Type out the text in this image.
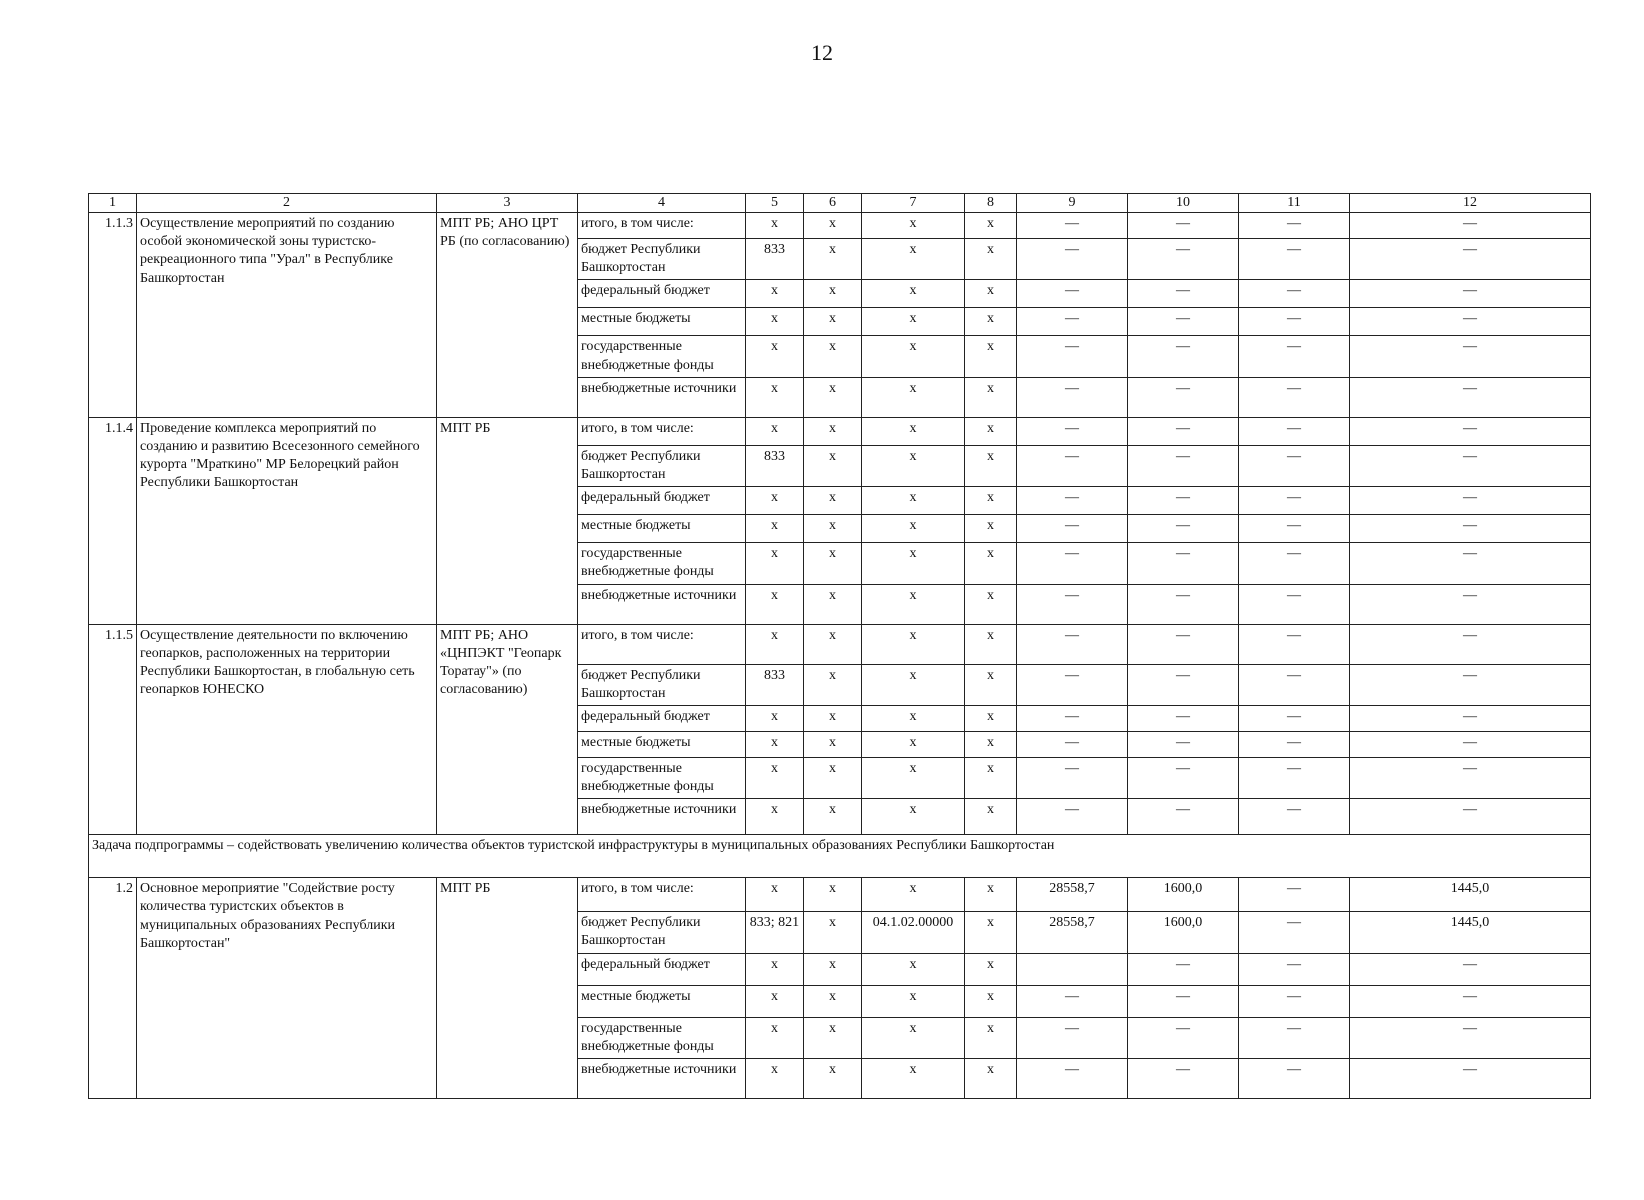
12
1	2	3	4	5	6	7	8	9	10	11	12
1.1.3	Осуществление мероприятий по созданию особой экономической зоны туристско-рекреационного типа "Урал" в Республике Башкортостан	МПТ РБ; АНО ЦРТ РБ (по согласованию)	итого, в том числе:	x	x	x	x	—	—	—	—
			бюджет Республики Башкортостан	833	x	x	x	—	—	—	—
			федеральный бюджет	x	x	x	x	—	—	—	—
			местные бюджеты	x	x	x	x	—	—	—	—
			государственные внебюджетные фонды	x	x	x	x	—	—	—	—
			внебюджетные источники	x	x	x	x	—	—	—	—
1.1.4	Проведение комплекса мероприятий по созданию и развитию Всесезонного семейного курорта "Мраткино" МР Белорецкий район Республики Башкортостан	МПТ РБ	итого, в том числе:	x	x	x	x	—	—	—	—
			бюджет Республики Башкортостан	833	x	x	x	—	—	—	—
			федеральный бюджет	x	x	x	x	—	—	—	—
			местные бюджеты	x	x	x	x	—	—	—	—
			государственные внебюджетные фонды	x	x	x	x	—	—	—	—
			внебюджетные источники	x	x	x	x	—	—	—	—
1.1.5	Осуществление деятельности по включению геопарков, расположенных на территории Республики Башкортостан, в глобальную сеть геопарков ЮНЕСКО	МПТ РБ; АНО «ЦНПЭКТ "Геопарк Торатау"» (по согласованию)	итого, в том числе:	x	x	x	x	—	—	—	—
			бюджет Республики Башкортостан	833	x	x	x	—	—	—	—
			федеральный бюджет	x	x	x	x	—	—	—	—
			местные бюджеты	x	x	x	x	—	—	—	—
			государственные внебюджетные фонды	x	x	x	x	—	—	—	—
			внебюджетные источники	x	x	x	x	—	—	—	—
Задача подпрограммы – содействовать увеличению количества объектов туристской инфраструктуры в муниципальных образованиях Республики Башкортостан											
1.2	Основное мероприятие "Содействие росту количества туристских объектов в муниципальных образованиях Республики Башкортостан"	МПТ РБ	итого, в том числе:	x	x	x	x	28558,7	1600,0	—	1445,0
			бюджет Республики Башкортостан	833; 821	x	04.1.02.00000	x	28558,7	1600,0	—	1445,0
			федеральный бюджет	x	x	x	x		—	—	—
			местные бюджеты	x	x	x	x	—	—	—	—
			государственные внебюджетные фонды	x	x	x	x	—	—	—	—
			внебюджетные источники	x	x	x	x	—	—	—	—
